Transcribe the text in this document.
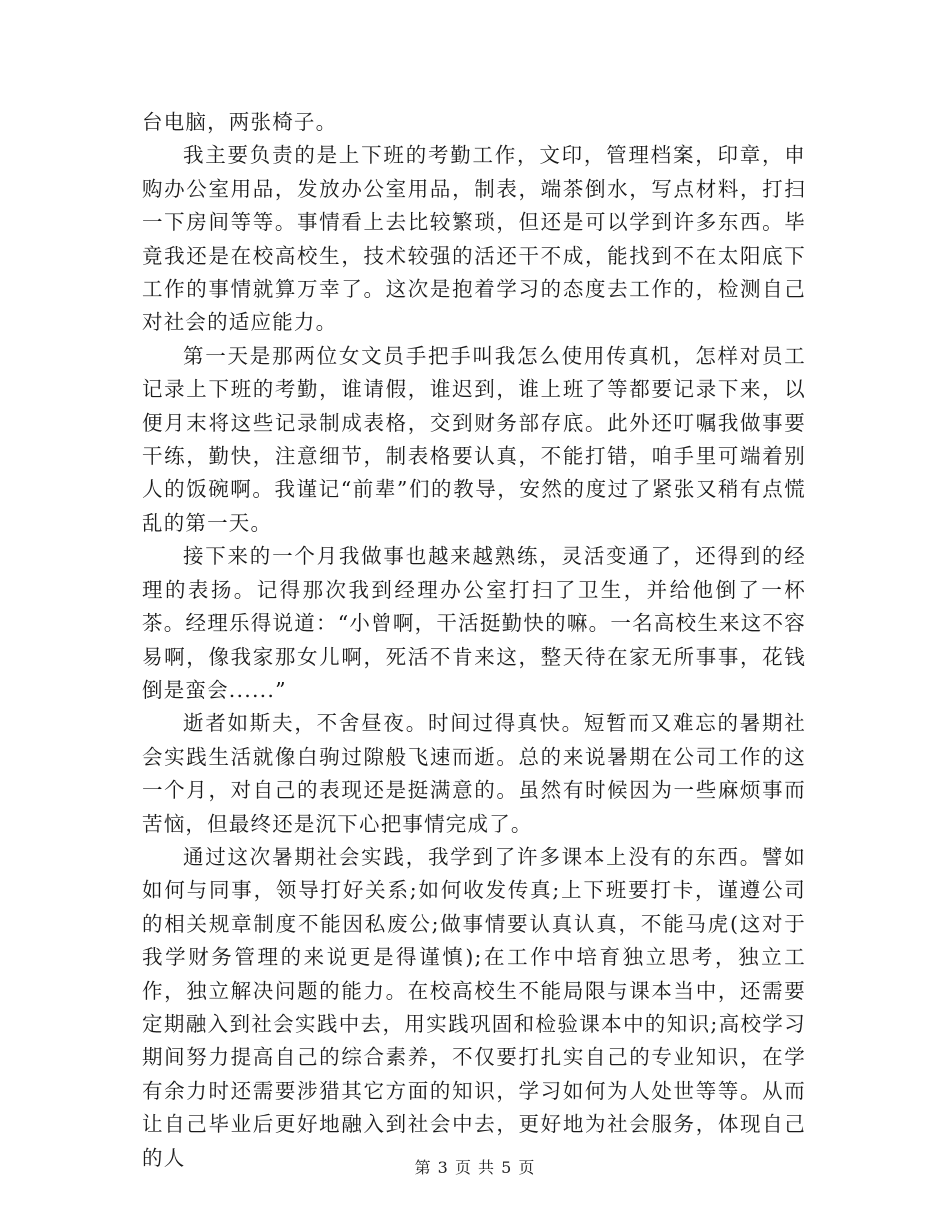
台电脑，两张椅子。

我主要负责的是上下班的考勤工作，文印，管理档案，印章，申购办公室用品，发放办公室用品，制表，端茶倒水，写点材料，打扫一下房间等等。事情看上去比较繁琐，但还是可以学到许多东西。毕竟我还是在校高校生，技术较强的活还干不成，能找到不在太阳底下工作的事情就算万幸了。这次是抱着学习的态度去工作的，检测自己对社会的适应能力。

第一天是那两位女文员手把手叫我怎么使用传真机，怎样对员工记录上下班的考勤，谁请假，谁迟到，谁上班了等都要记录下来，以便月末将这些记录制成表格，交到财务部存底。此外还叮嘱我做事要干练，勤快，注意细节，制表格要认真，不能打错，咱手里可端着别人的饭碗啊。我谨记“前辈”们的教导，安然的度过了紧张又稍有点慌乱的第一天。

接下来的一个月我做事也越来越熟练，灵活变通了，还得到的经理的表扬。记得那次我到经理办公室打扫了卫生，并给他倒了一杯茶。经理乐得说道：“小曾啊，干活挺勤快的嘛。一名高校生来这不容易啊，像我家那女儿啊，死活不肯来这，整天待在家无所事事，花钱倒是蛮会......”

逝者如斯夫，不舍昼夜。时间过得真快。短暂而又难忘的暑期社会实践生活就像白驹过隙般飞速而逝。总的来说暑期在公司工作的这一个月，对自己的表现还是挺满意的。虽然有时候因为一些麻烦事而苦恼，但最终还是沉下心把事情完成了。

通过这次暑期社会实践，我学到了许多课本上没有的东西。譬如如何与同事，领导打好关系;如何收发传真;上下班要打卡，谨遵公司的相关规章制度不能因私废公;做事情要认真认真，不能马虎(这对于我学财务管理的来说更是得谨慎);在工作中培育独立思考，独立工作，独立解决问题的能力。在校高校生不能局限与课本当中，还需要定期融入到社会实践中去，用实践巩固和检验课本中的知识;高校学习期间努力提高自己的综合素养，不仅要打扎实自己的专业知识，在学有余力时还需要涉猎其它方面的知识，学习如何为人处世等等。从而让自己毕业后更好地融入到社会中去，更好地为社会服务，体现自己的人	第 3 页 共 5 页
